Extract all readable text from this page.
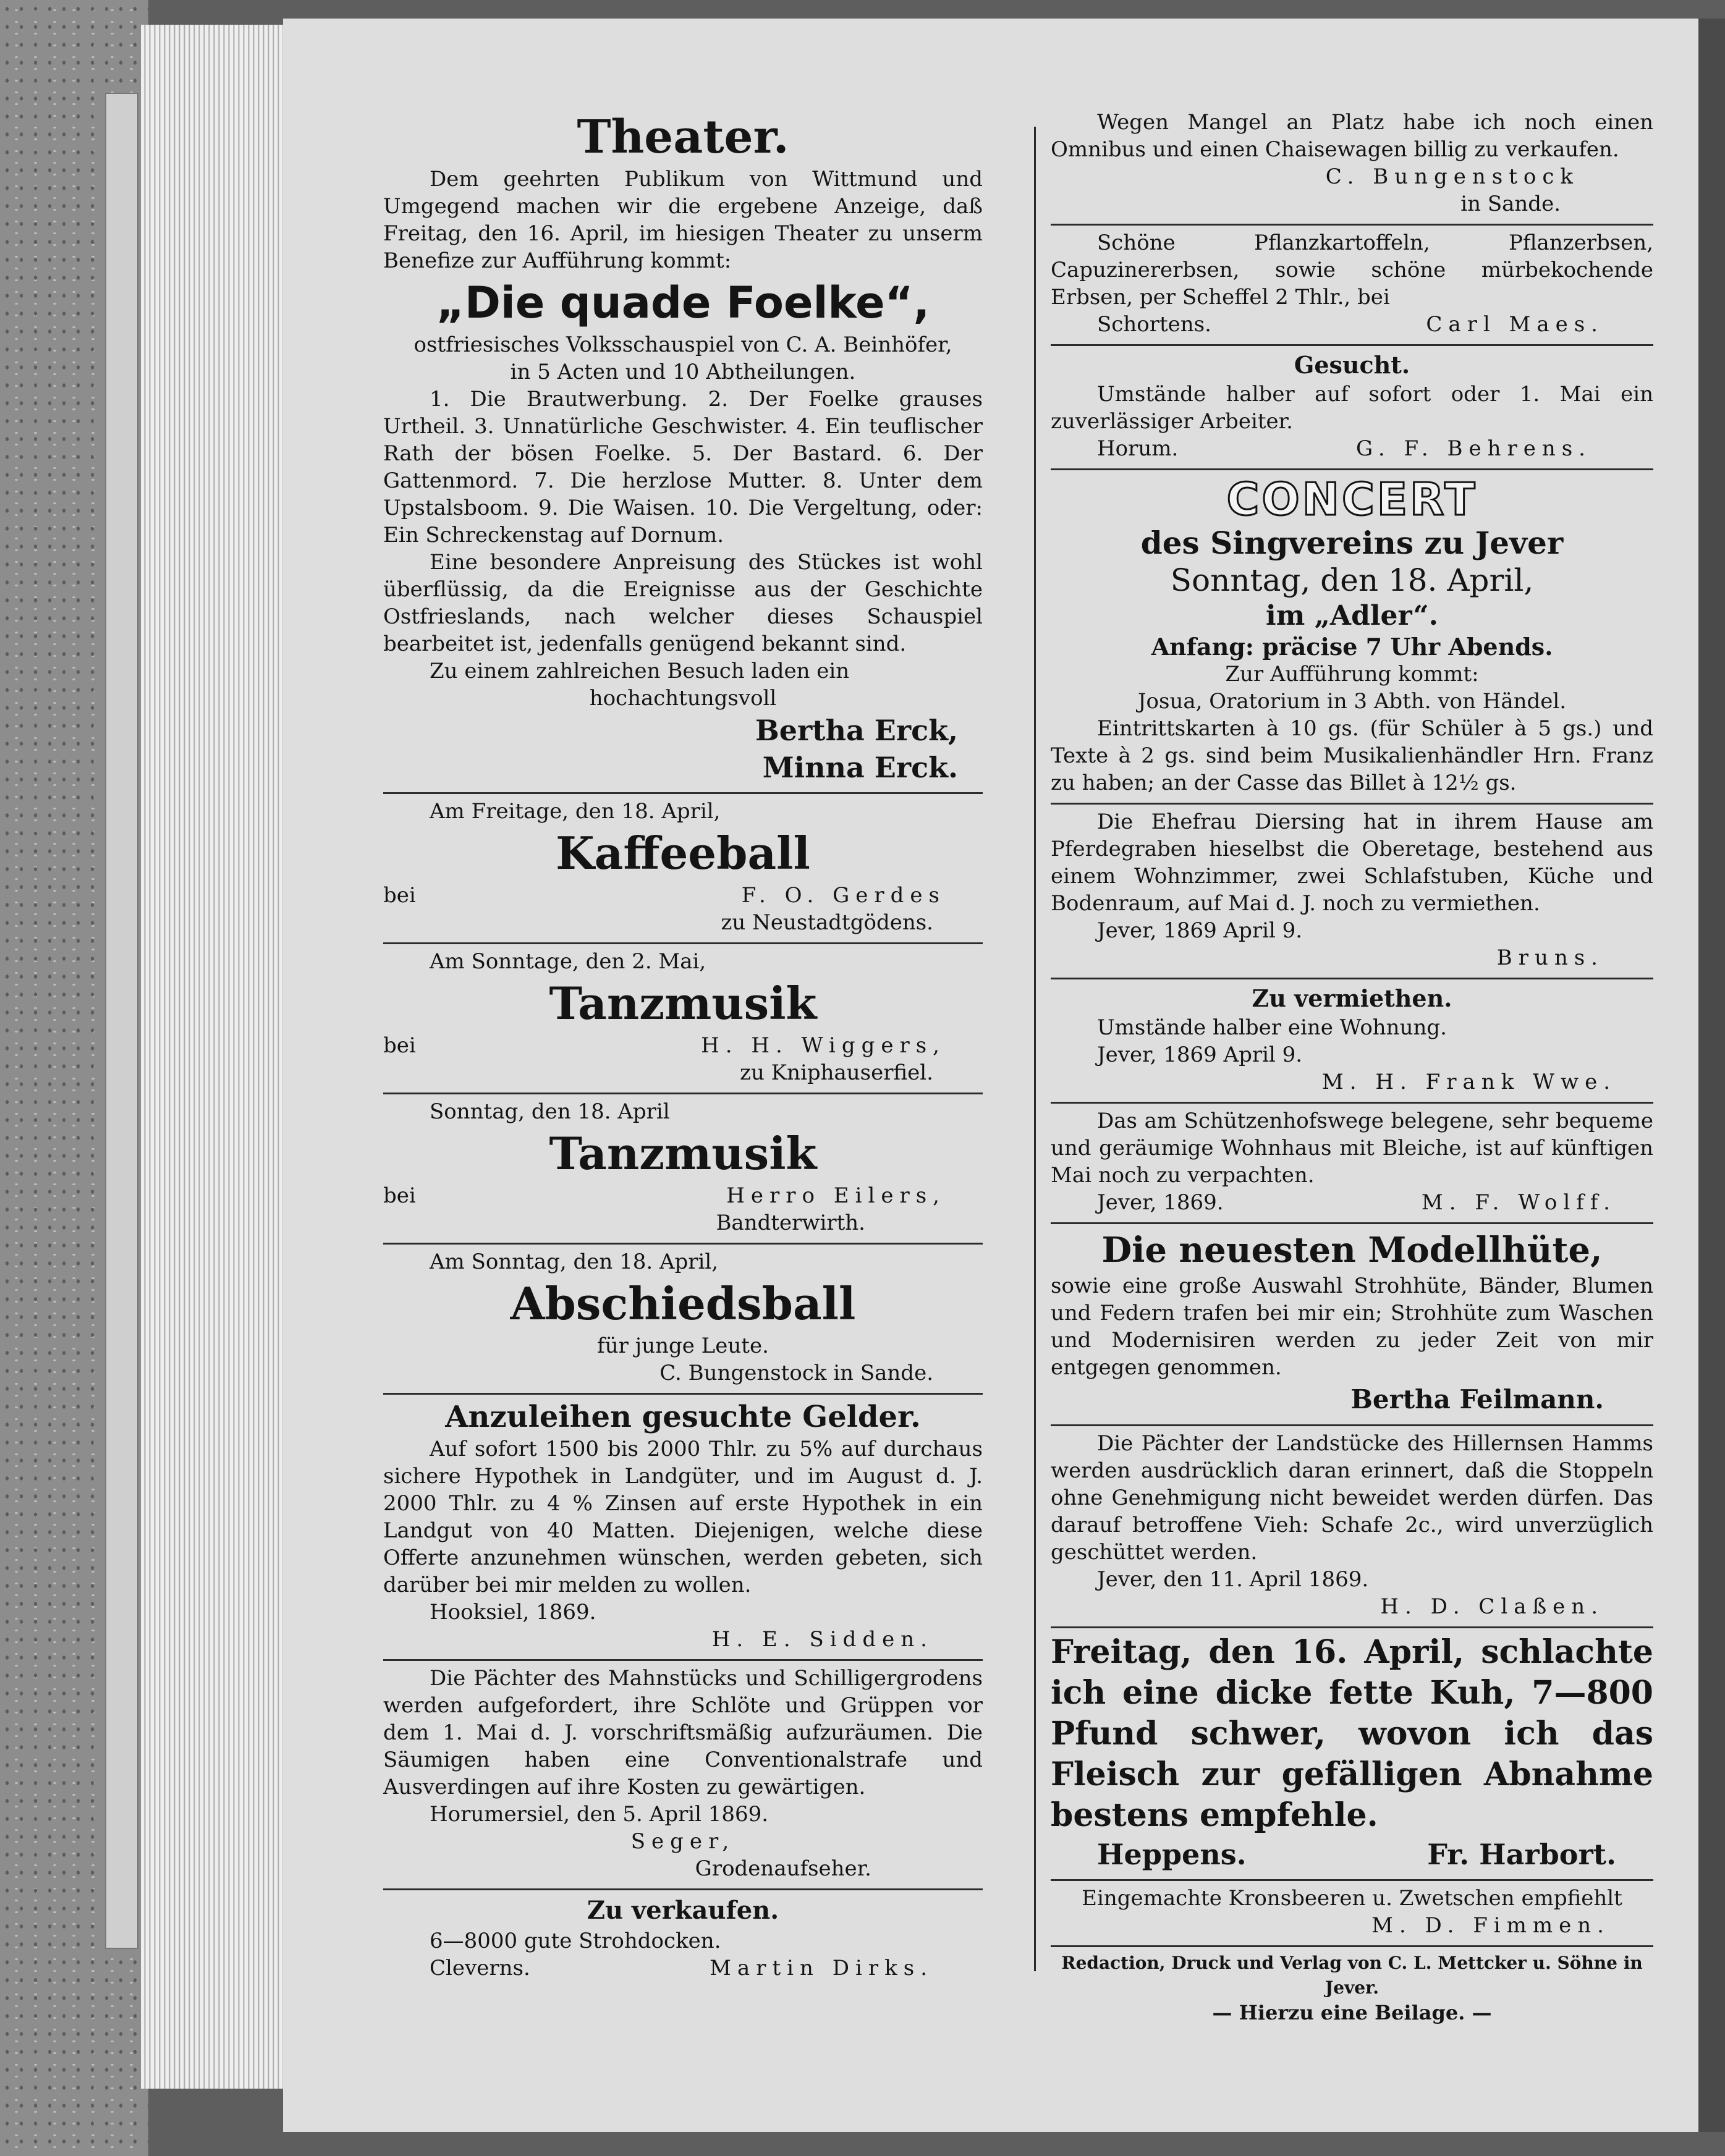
Theater.

Dem geehrten Publikum von Wittmund und Umgegend machen wir die ergebene Anzeige, daß Freitag, den 16. April, im hiesigen Theater zu unserm Benefize zur Aufführung kommt:

„Die quade Foelke“,

ostfriesisches Volksschauspiel von C. A. Beinhöfer,

in 5 Acten und 10 Abtheilungen.

1. Die Brautwerbung. 2. Der Foelke grauses Urtheil. 3. Unnatürliche Geschwister. 4. Ein teuflischer Rath der bösen Foelke. 5. Der Bastard. 6. Der Gattenmord. 7. Die herzlose Mutter. 8. Unter dem Upstalsboom. 9. Die Waisen. 10. Die Vergeltung, oder: Ein Schreckenstag auf Dornum.

Eine besondere Anpreisung des Stückes ist wohl überflüssig, da die Ereignisse aus der Geschichte Ostfrieslands, nach welcher dieses Schauspiel bearbeitet ist, jedenfalls genügend bekannt sind.

Zu einem zahlreichen Besuch laden ein

hochachtungsvoll

Bertha Erck,

Minna Erck.

Am Freitage, den 18. April,

Kaffeeball

bei	F. O. Gerdes

zu Neustadtgödens.

Am Sonntage, den 2. Mai,

Tanzmusik

bei	H. H. Wiggers,

zu Kniphauserfiel.

Sonntag, den 18. April

Tanzmusik

bei	Herro Eilers,

Bandterwirth.

Am Sonntag, den 18. April,

Abschiedsball

für junge Leute.

C. Bungenstock in Sande.

Anzuleihen gesuchte Gelder.

Auf sofort 1500 bis 2000 Thlr. zu 5% auf durchaus sichere Hypothek in Landgüter, und im August d. J. 2000 Thlr. zu 4 % Zinsen auf erste Hypothek in ein Landgut von 40 Matten. Diejenigen, welche diese Offerte anzunehmen wünschen, werden gebeten, sich darüber bei mir melden zu wollen.

Hooksiel, 1869.

H. E. Sidden.

Die Pächter des Mahnstücks und Schilligergrodens werden aufgefordert, ihre Schlöte und Grüppen vor dem 1. Mai d. J. vorschriftsmäßig aufzuräumen. Die Säumigen haben eine Conventionalstrafe und Ausverdingen auf ihre Kosten zu gewärtigen.

Horumersiel, den 5. April 1869.

Seger,

Grodenaufseher.

Zu verkaufen.

6—8000 gute Strohdocken.

Cleverns.	Martin Dirks.

Wegen Mangel an Platz habe ich noch einen Omnibus und einen Chaisewagen billig zu verkaufen.

C. Bungenstock

in Sande.

Schöne Pflanzkartoffeln, Pflanzerbsen, Capuzinererbsen, sowie schöne mürbekochende Erbsen, per Scheffel 2 Thlr., bei

Schortens.	Carl Maes.

Gesucht.

Umstände halber auf sofort oder 1. Mai ein zuverlässiger Arbeiter.

Horum.	G. F. Behrens.

CONCERT

des Singvereins zu Jever

Sonntag, den 18. April,

im „Adler“.

Anfang: präcise 7 Uhr Abends.

Zur Aufführung kommt:

Josua, Oratorium in 3 Abth. von Händel.

Eintrittskarten à 10 gs. (für Schüler à 5 gs.) und Texte à 2 gs. sind beim Musikalienhändler Hrn. Franz zu haben; an der Casse das Billet à 12½ gs.

Die Ehefrau Diersing hat in ihrem Hause am Pferdegraben hieselbst die Oberetage, bestehend aus einem Wohnzimmer, zwei Schlafstuben, Küche und Bodenraum, auf Mai d. J. noch zu vermiethen.

Jever, 1869 April 9.

Bruns.

Zu vermiethen.

Umstände halber eine Wohnung.

Jever, 1869 April 9.

M. H. Frank Wwe.

Das am Schützenhofswege belegene, sehr bequeme und geräumige Wohnhaus mit Bleiche, ist auf künftigen Mai noch zu verpachten.

Jever, 1869.	M. F. Wolff.

Die neuesten Modellhüte,

sowie eine große Auswahl Strohhüte, Bänder, Blumen und Federn trafen bei mir ein; Strohhüte zum Waschen und Modernisiren werden zu jeder Zeit von mir entgegen genommen.

Bertha Feilmann.

Die Pächter der Landstücke des Hillernsen Hamms werden ausdrücklich daran erinnert, daß die Stoppeln ohne Genehmigung nicht beweidet werden dürfen. Das darauf betroffene Vieh: Schafe 2c., wird unverzüglich geschüttet werden.

Jever, den 11. April 1869.

H. D. Claßen.

Freitag, den 16. April, schlachte ich eine dicke fette Kuh, 7—800 Pfund schwer, wovon ich das Fleisch zur gefälligen Abnahme bestens empfehle.

Heppens.	Fr. Harbort.

Eingemachte Kronsbeeren u. Zwetschen empfiehlt

M. D. Fimmen.

Redaction, Druck und Verlag von C. L. Mettcker u. Söhne in Jever.

— Hierzu eine Beilage. —
